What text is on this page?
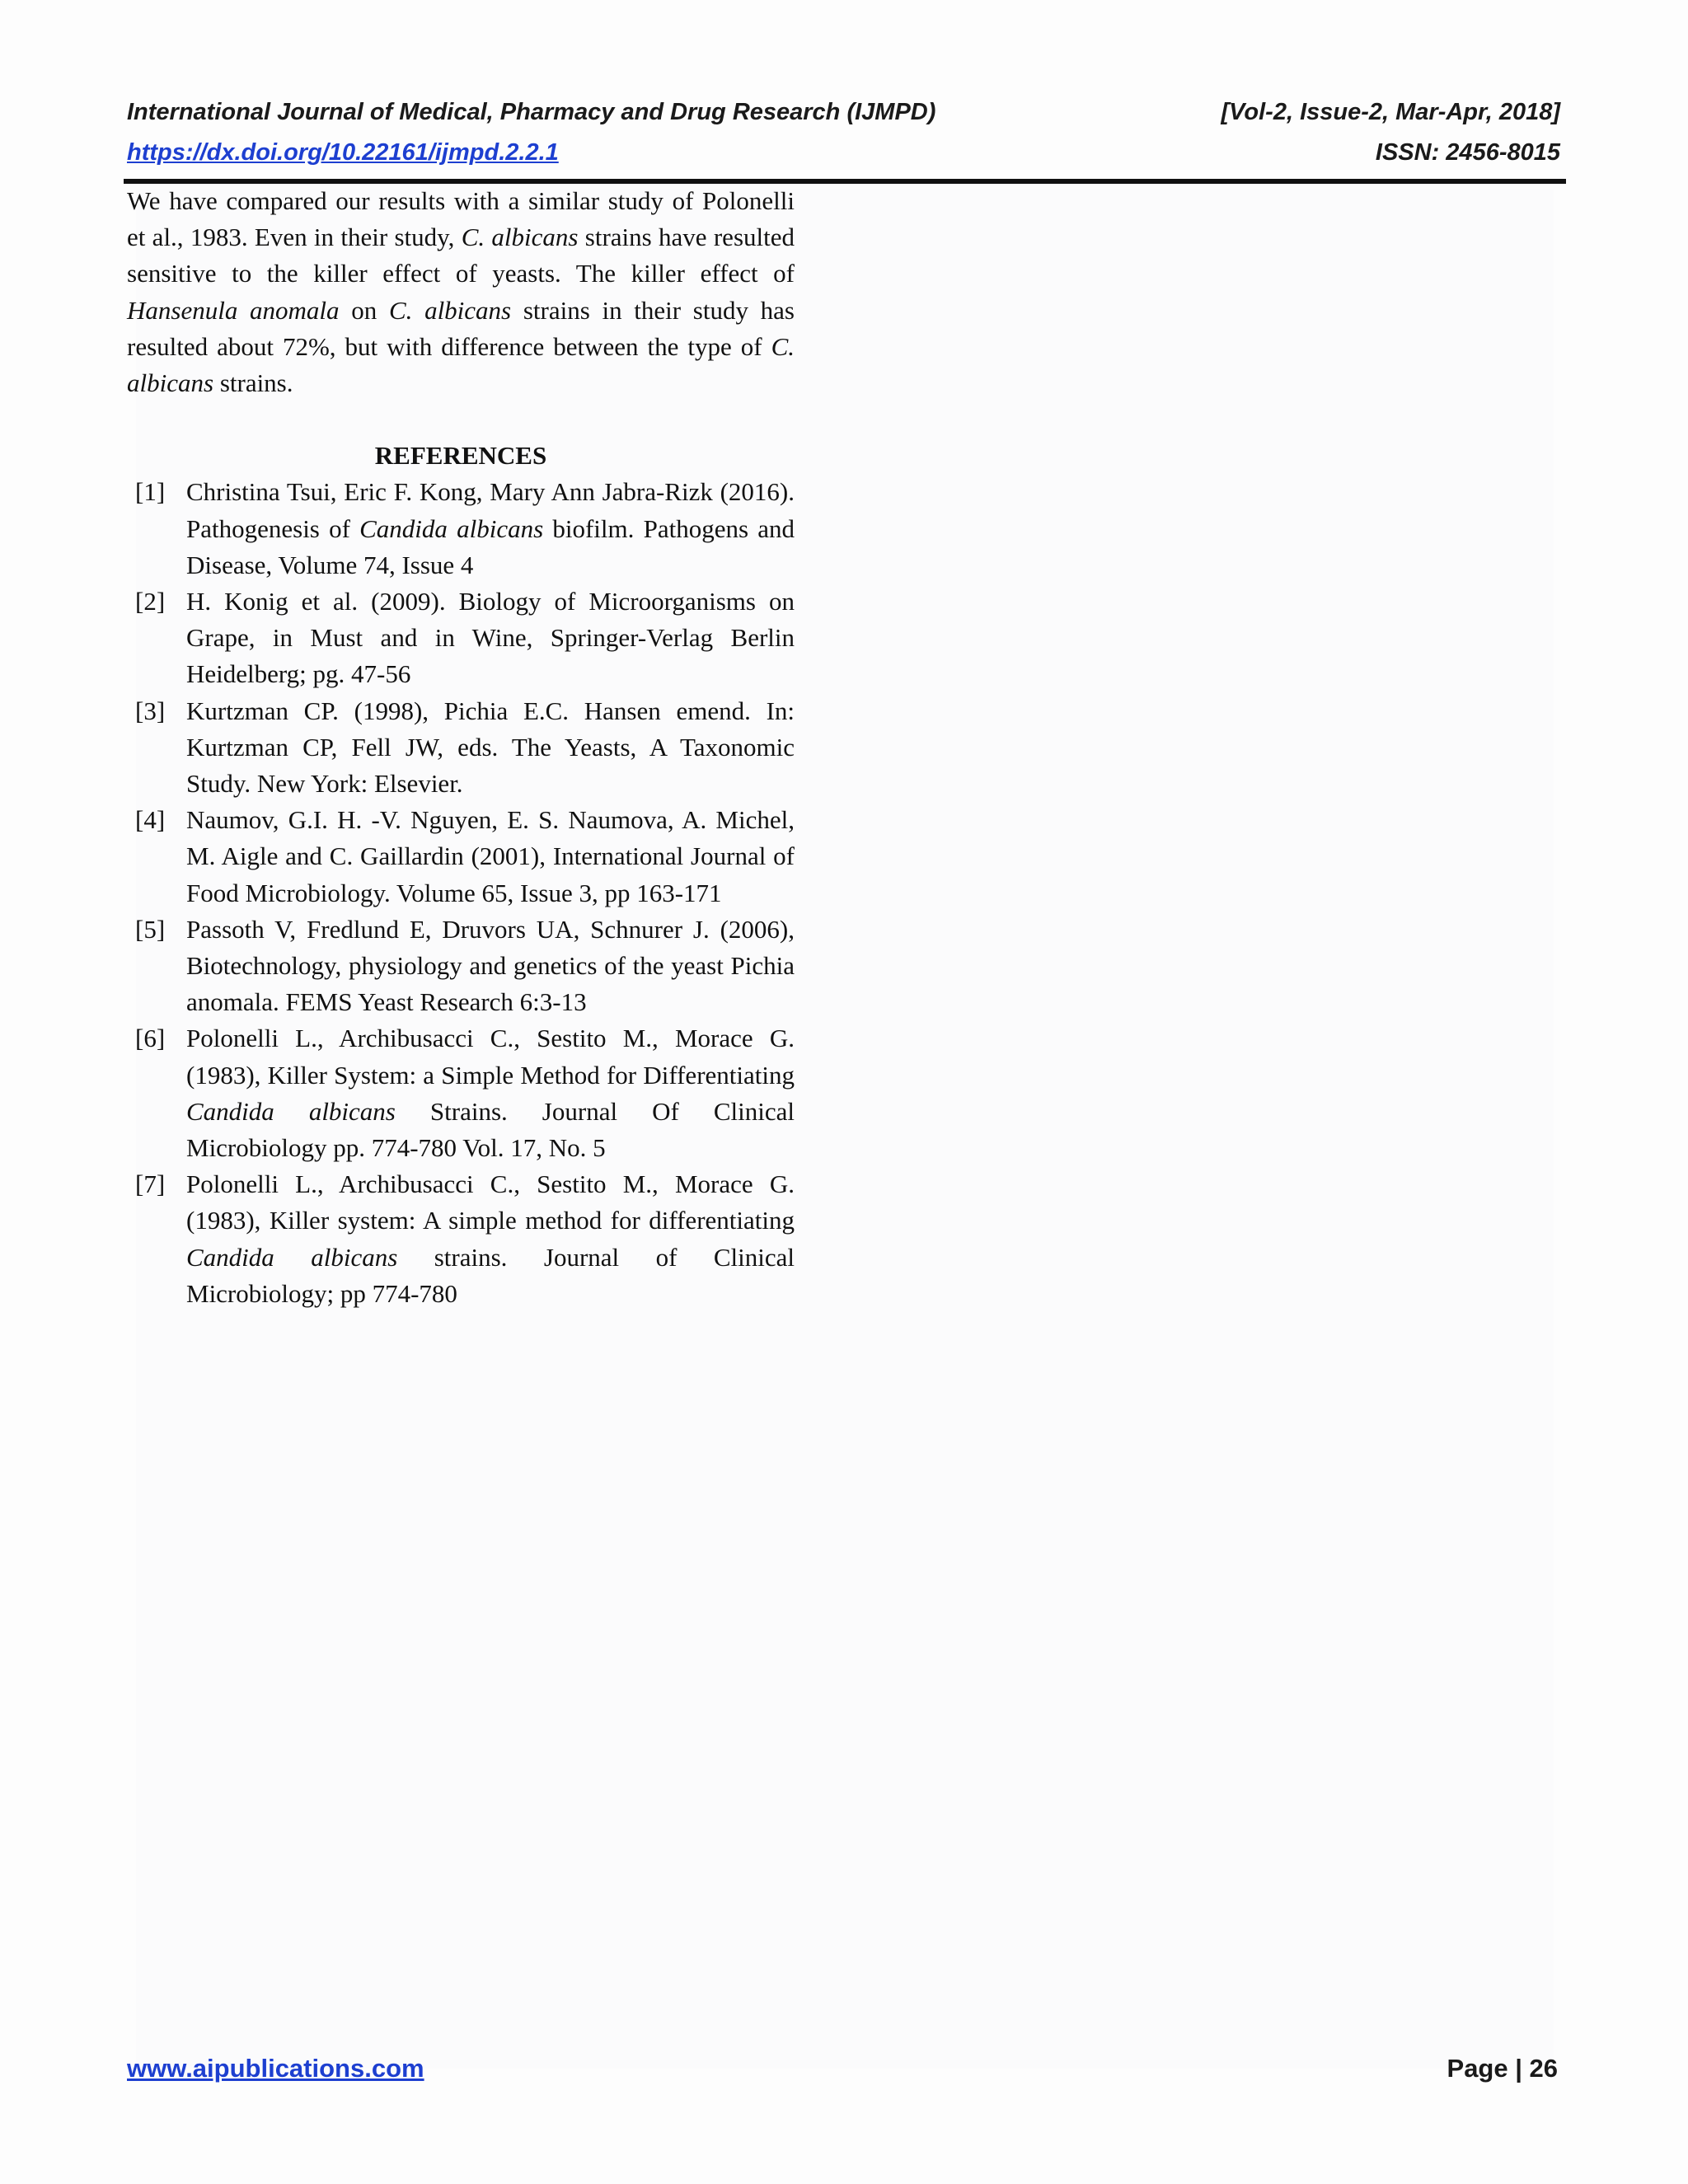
International Journal of Medical, Pharmacy and Drug Research (IJMPD)	[Vol-2, Issue-2, Mar-Apr, 2018]
https://dx.doi.org/10.22161/ijmpd.2.2.1	ISSN: 2456-8015

We have compared our results with a similar study of Polonelli et al., 1983. Even in their study, C. albicans strains have resulted sensitive to the killer effect of yeasts. The killer effect of Hansenula anomala on C. albicans strains in their study has resulted about 72%, but with difference between the type of C. albicans strains.

REFERENCES
[1] Christina Tsui, Eric F. Kong, Mary Ann Jabra-Rizk (2016). Pathogenesis of Candida albicans biofilm. Pathogens and Disease, Volume 74, Issue 4
[2] H. Konig et al. (2009). Biology of Microorganisms on Grape, in Must and in Wine, Springer-Verlag Berlin Heidelberg; pg. 47-56
[3] Kurtzman CP. (1998), Pichia E.C. Hansen emend. In: Kurtzman CP, Fell JW, eds. The Yeasts, A Taxonomic Study. New York: Elsevier.
[4] Naumov, G.I. H. -V. Nguyen, E. S. Naumova, A. Michel, M. Aigle and C. Gaillardin (2001), International Journal of Food Microbiology. Volume 65, Issue 3, pp 163-171
[5] Passoth V, Fredlund E, Druvors UA, Schnurer J. (2006), Biotechnology, physiology and genetics of the yeast Pichia anomala. FEMS Yeast Research 6:3-13
[6] Polonelli L., Archibusacci C., Sestito M., Morace G. (1983), Killer System: a Simple Method for Differentiating Candida albicans Strains. Journal Of Clinical Microbiology pp. 774-780 Vol. 17, No. 5
[7] Polonelli L., Archibusacci C., Sestito M., Morace G. (1983), Killer system: A simple method for differentiating Candida albicans strains. Journal of Clinical Microbiology; pp 774-780
www.aipublications.com	Page | 26
